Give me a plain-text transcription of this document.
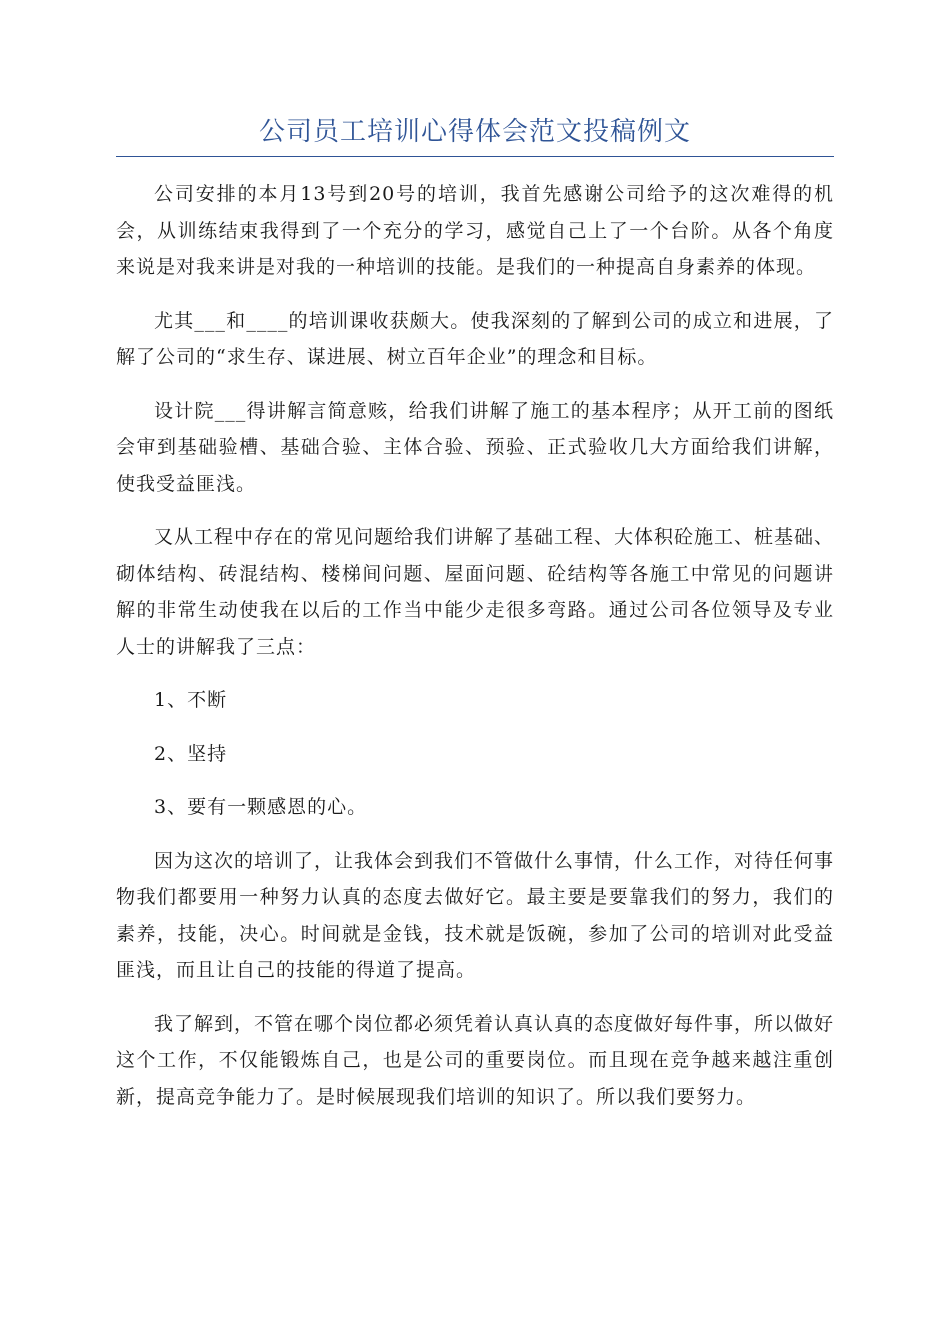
公司员工培训心得体会范文投稿例文

公司安排的本月13号到20号的培训，我首先感谢公司给予的这次难得的机会，从训练结束我得到了一个充分的学习，感觉自己上了一个台阶。从各个角度来说是对我来讲是对我的一种培训的技能。是我们的一种提高自身素养的体现。

尤其___和____的培训课收获颇大。使我深刻的了解到公司的成立和进展，了解了公司的“求生存、谋进展、树立百年企业”的理念和目标。

设计院___得讲解言简意赅，给我们讲解了施工的基本程序；从开工前的图纸会审到基础验槽、基础合验、主体合验、预验、正式验收几大方面给我们讲解，使我受益匪浅。

又从工程中存在的常见问题给我们讲解了基础工程、大体积砼施工、桩基础、砌体结构、砖混结构、楼梯间问题、屋面问题、砼结构等各施工中常见的问题讲解的非常生动使我在以后的工作当中能少走很多弯路。通过公司各位领导及专业人士的讲解我了三点：

1、不断

2、坚持

3、要有一颗感恩的心。

因为这次的培训了，让我体会到我们不管做什么事情，什么工作，对待任何事物我们都要用一种努力认真的态度去做好它。最主要是要靠我们的努力，我们的素养，技能，决心。时间就是金钱，技术就是饭碗，参加了公司的培训对此受益匪浅，而且让自己的技能的得道了提高。

我了解到，不管在哪个岗位都必须凭着认真认真的态度做好每件事，所以做好这个工作，不仅能锻炼自己，也是公司的重要岗位。而且现在竞争越来越注重创新，提高竞争能力了。是时候展现我们培训的知识了。所以我们要努力。
